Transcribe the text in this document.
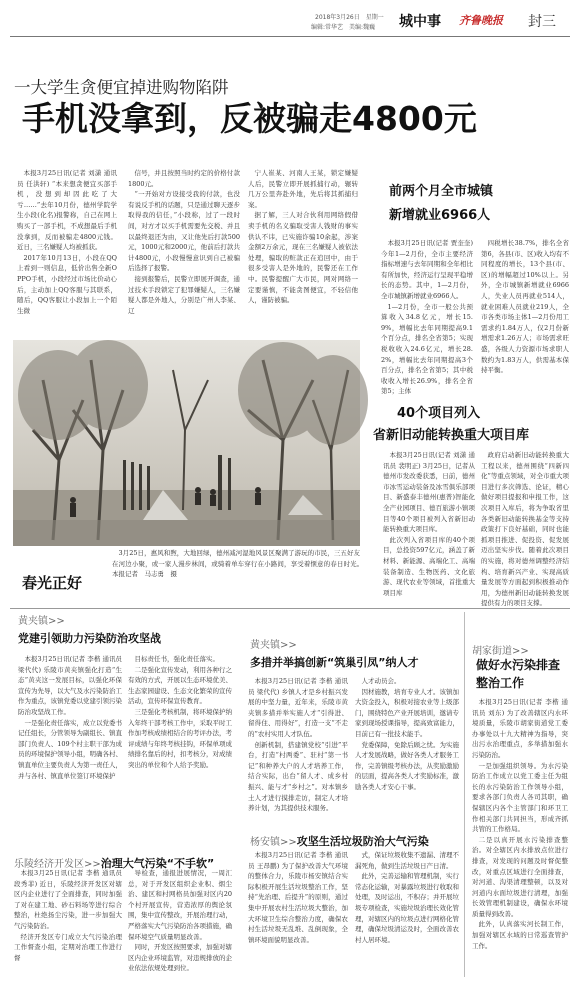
2018年3月26日　星期一
编辑:常华艺　美编:魏巍 城中事 齐鲁晚报 封三
一大学生贪便宜掉进购物陷阱
手机没拿到，反被骗走4800元

本报3月25日讯(记者 刘潇 通讯员 任洪轩) “本来想贪便宜买部手机，没想到却因此吃了大亏……”去年10月份，德州学院学生小段(化名)报警称，自己在网上购买了一部手机，不成想最后手机没拿到，反而被骗走4800元钱。近日，三名嫌疑人均被抓获。

2017年10月13日，小段在QQ上看到一则信息，低价出售全新OPPO手机，小段经过市场比价动心后，主动加上QQ客服与其联系，随后，QQ客服让小段加上一个陌生微

信号，并且按照当时约定的价格付款1800元。

“一开始对方设接受我的付款，也没有说反手机的话题，只是通过聊天逐步取得我的信任，”小段称，过了一段时间，对方才以买手机需要先交税、并且以最终退还为由，又让他先后打款500元，1000元和2000元，他前后打款共计4800元，小段慢慢意识到自己被骗后选择了报警。

接到报警后，民警立即展开调查，通过技术手段锁定了犯罪嫌疑人，三名嫌疑人都是外地人，分别是广州人李某、辽

宁人崔某、河南人王某，锁定嫌疑人后，民警立即开展抓捕行动，辗转几万公里奔赴外地，先后将其抓捕归案。

据了解，三人对合伙利用网络假借卖手机的名义骗取受害人钱财的事实供认不讳，已实施诈骗10余起，涉案金额2万余元，现在三名嫌疑人被依法处理，骗取的赃款正在追回中，由于很多受害人是外地的，民警还在工作中。民警提醒广大市民，网对网络一定要谨慎，不能贪图便宜，不轻信他人，谨防被骗。

春光正好
3月25日，惠风和煦，大地回绿，德州减河湿地风景区聚满了游玩的市民，三五好友在河边小聚，或一家人漫步林间，或骑着单车穿行在小路间，享受着惬意的春日时光。　　本报记者　马志勇　摄
前两个月全市城镇
新增就业6966人

本报3月25日讯(记者 贾奎奎) 今年1—2月份，全市主要经济指标增速与去年同期和全年相比有所加快，经济运行呈现平稳增长的态势。其中，1—2月份，全市城镇新增就业6966人。

1—2月份，全市一般公共预算收入34.8亿元，增长15.9%，增幅比去年同期提高9.1个百分点，排名全省第5；实现税收收入24.6亿元，增长28.2%，增幅比去年同期提高3个百分点，排名全省第5；其中税收收入增长26.9%，排名全省第5；主体

四税增长38.7%，排名全省第6，各县(市、区)收入均有不同程度的增长，13个县(市、区)的增幅超过10%以上。另外，全市城镇新增就业6966人，失业人员再就业514人，就业困难人员就业219人，全市各类市场主体1—2月份用工需求约1.84万人，仅2月份新增需求1.26万人；市场需求旺盛，各级人力资源市场求职人数约为1.83万人，供需基本保持平衡。

40个项目列入
省新旧动能转换重大项目库

本报3月25日讯(记者 刘潇 通讯员 裴明正) 3月25日，记者从德州市发改委获悉，日前，德州市冰雪运动装备及冰雪俱乐部项目、新盛泰丰德州(惠普)智能化全产业园项目、德百旅游小镇项目等40个项目被列入省新旧动能转换重大项目库。

此次列入省项目库的40个项目，总投资597亿元，涵盖了新材料、新能源、高端化工、高端装备制造、生物医药、文化旅游、现代农业等领域，首批重大项目库

政府启动新旧动能转换重大工程以来，德州围绕“四新四化”等重点领域，对全市重大项目进行多次筛选、论证，精心做好项目提报和申报工作，这次项目入库后，将为争取省里各类新旧动能转换基金等支持政策打下良好基础，同时也能抓项目推进、促投资、促发展迈出坚实步伐。随着此次项目的实施，将对德州调整经济结构、培育新兴产业、实现高质量发展等方面起到积极推动作用，为德州新旧动能转换发展提供有力的项目支撑。

黄夹镇>>
党建引领助力污染防治攻坚战

本报3月25日讯(记者 李楷 通讯员 梁代代) 乐陵市黄夹镇强化打造“生态”黄夹这一发展目标，以强化环保宣传为先导，以大气及水污染防治工作为重点，该镇党委以党建引领污染防治攻坚战工作。

一是强化责任落实，成立以党委书记任组长，分管领导为副组长、镇直部门负责人、109个村主职干部为成员的环境保护领导小组，明确各村、镇直单位主要负责人为第一责任人，并与各村、镇直单位签订环境保护

目标责任书，强化责任落实。

二是强化宣传发动，利用各种行之有效的方式，开展以生态环境优美、生态家园建设、生态文化繁荣的宣传活动，宣传环保宣传教育。

三是强化考核机制，将环境保护纳入年终干部考核工作中，采取平时工作加考核成绩相结合的考评办法，考评成绩与年终考核挂钩，环保单项成绩排名靠后的村，扣考核分，对成绩突出的单位和个人给予奖励。

黄夹镇>>
多措并举搞创新“筑巢引凤”纳人才

本报3月25日讯(记者 李楷 通讯员 梁代代) 乡镇人才是乡村振兴发展的中坚力量，近年来，乐陵市黄夹镇多措并举实施人才“引得进、留得住、用得好”，打造一支“不走的”农村实用人才队伍。

创新机制，搭建镇党校“引进”平台，打造“村两委”、驻村“第一书记”和种养大户的人才培养工作，结合实际，出台“留人才、成乡村振兴、能与才“乡村之”。对本镇乡土人才进行摸排走访，制定人才培养计划，为其提供技术服务。

人才动员会。

因材施教，培育专业人才。该镇加大资金投入，积极对接农业等上级部门，围绕特色产业开展培训，邀请专家到现场授课指导，提高致富能力，目前已有一批技术能手。

党委保障，免除后顾之忧。为实施人才发展战略，做好各类人才服务工作，完善镇级考核办法，从奖励激励的层面，提高各类人才奖励标准，激励各类人才安心干事。

胡家街道>>
做好水污染排查
整治工作

本报3月25日讯(记者 李楷 通讯员 刘东) 为了改善辖区内水环境质量，乐陵市胡家街道党工委办事处以十九大精神为指导，突出污水治理重点，多举措加强水污染防治。

一是加强组织领导。为水污染防治工作成立以党工委主任为组长的水污染防治工作领导小组，要求各部门负责人各司其职，确保辖区内各个主管部门和环卫工作相关部门共同担当，形成齐抓共管的工作格局。

二是以真开展水污染排查整治。对全辖区内水排放点位进行排查，对发现的问题及时督促整改，对重点区域进行全面排查，对河道、沟渠清理整顿，以及对河道内水面垃圾进行清理，加强长效管理机制建设，确保水环境质量得到改善。

此外，认真落实河长制工作，加强对辖区水域的日常巡查管护工作。

乐陵经济开发区>>治理大气污染“不手软”

本报3月25日讯(记者 李楷 通讯员 段秀菲) 近日，乐陵经济开发区对辖区内企业进行了全面排查，同时加强了对在建工地、砂石料场等进行综合整治，杜绝扬尘污染，进一步加强大气污染防治。

经济开发区专门成立大气污染治理工作督查小组，定期对治理工作进行督

导检查，通报进展情况，一周汇总，对于开发区组织企业积、烟尘治、建区和村网格员加强对区内20个村开展宣传，营造浓厚的舆论氛围，集中宣传整改，开展治理行动，严格落实大气污染防治各项措施，确保环境空气质量明显改善。

同时，开发区按照要求，加强对辖区内企业环境监管，对违规排放的企业依法依规处理到位。

杨安镇>>攻坚生活垃圾防治大气污染

本报3月25日讯(记者 李楷 通讯员 王昂鹏) 为了保护改善大气环境的整体合力，乐陵市杨安镇结合实际积极开展生活垃圾整治工作，坚持“先治理、后提升”的原则，通过集中开展农村生活垃圾大整治，加大环境卫生综合整治力度，确保农村生活垃圾无乱堆、乱倒现象，全镇环境面貌明显改善。

式，保证垃圾收集不遗漏、清理不漏死角，做到生活垃圾日产日清。

此外，完善运输和管理机制，实行常态化运输，对暴露垃圾进行收取和处理，及时运出，不积存；并开展垃圾专项检查，实施垃圾治理长效化管理，对辖区内的垃圾点进行网格化管理，确保垃圾清运及时，全面改善农村人居环境。
